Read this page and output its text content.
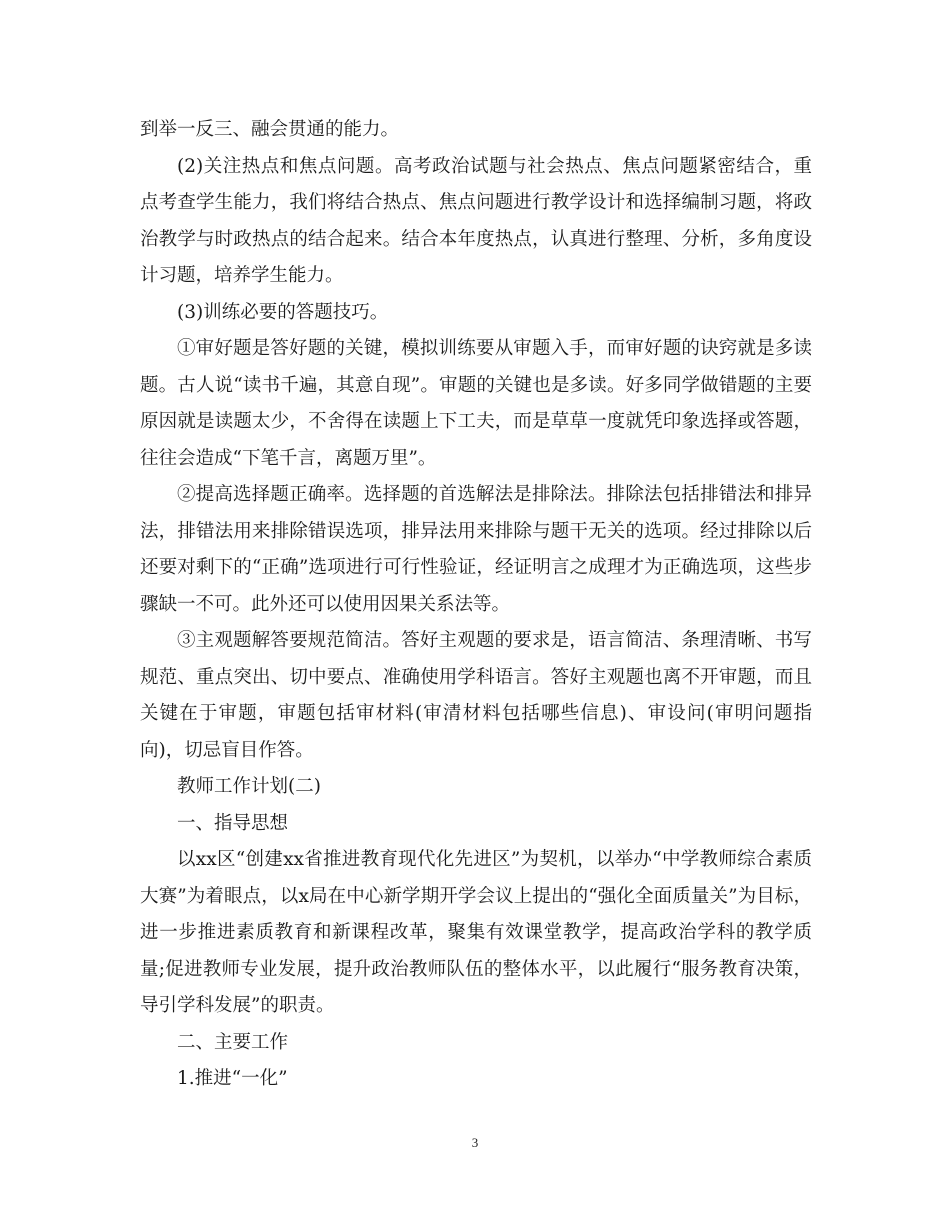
到举一反三、融会贯通的能力。

(2)关注热点和焦点问题。高考政治试题与社会热点、焦点问题紧密结合，重点考查学生能力，我们将结合热点、焦点问题进行教学设计和选择编制习题，将政治教学与时政热点的结合起来。结合本年度热点，认真进行整理、分析，多角度设计习题，培养学生能力。

(3)训练必要的答题技巧。

①审好题是答好题的关键，模拟训练要从审题入手，而审好题的诀窍就是多读题。古人说“读书千遍，其意自现”。审题的关键也是多读。好多同学做错题的主要原因就是读题太少，不舍得在读题上下工夫，而是草草一度就凭印象选择或答题，往往会造成“下笔千言，离题万里”。

②提高选择题正确率。选择题的首选解法是排除法。排除法包括排错法和排异法，排错法用来排除错误选项，排异法用来排除与题干无关的选项。经过排除以后还要对剩下的“正确”选项进行可行性验证，经证明言之成理才为正确选项，这些步骤缺一不可。此外还可以使用因果关系法等。

③主观题解答要规范简洁。答好主观题的要求是，语言简洁、条理清晰、书写规范、重点突出、切中要点、准确使用学科语言。答好主观题也离不开审题，而且关键在于审题，审题包括审材料(审清材料包括哪些信息)、审设问(审明问题指向)，切忌盲目作答。

教师工作计划(二)

一、指导思想

以xx区“创建xx省推进教育现代化先进区”为契机，以举办“中学教师综合素质大赛”为着眼点，以x局在中心新学期开学会议上提出的“强化全面质量关”为目标，进一步推进素质教育和新课程改革，聚集有效课堂教学，提高政治学科的教学质量;促进教师专业发展，提升政治教师队伍的整体水平，以此履行“服务教育决策，导引学科发展”的职责。

二、主要工作

1.推进“一化”

3
